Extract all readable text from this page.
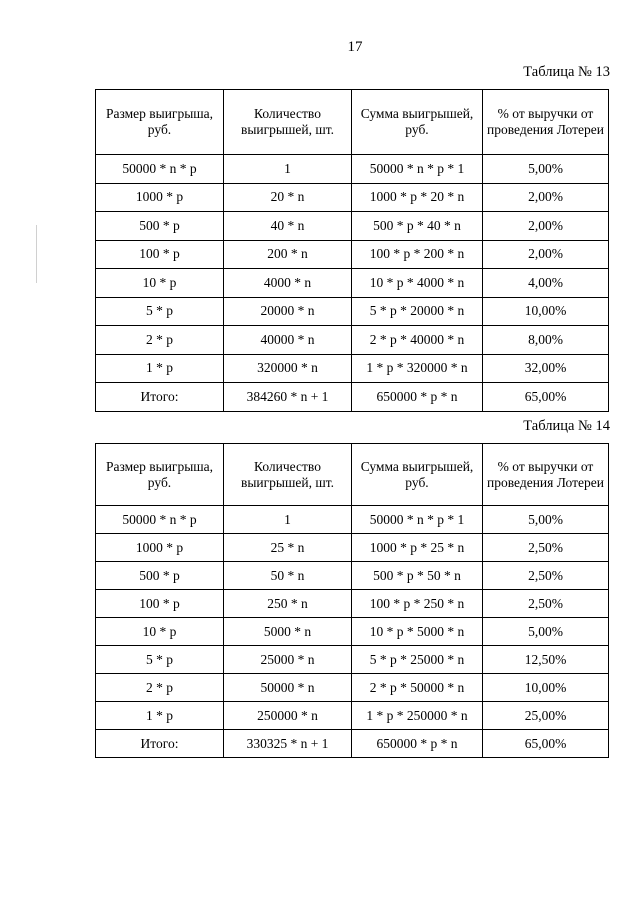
17
Таблица № 13
Размер выигрыша, руб.	Количество выигрышей, шт.	Сумма выигрышей, руб.	% от выручки от проведения Лотереи
50000 * n * p	1	50000 * n * p * 1	5,00%
1000 * p	20 * n	1000 * p * 20 * n	2,00%
500 * p	40 * n	500 * p * 40 * n	2,00%
100 * p	200 * n	100 * p * 200 * n	2,00%
10 * p	4000 * n	10 * p * 4000 * n	4,00%
5 * p	20000 * n	5 * p * 20000 * n	10,00%
2 * p	40000 * n	2 * p * 40000 * n	8,00%
1 * p	320000 * n	1 * p * 320000 * n	32,00%
Итого:	384260 * n + 1	650000 * p * n	65,00%
Таблица № 14
Размер выигрыша, руб.	Количество выигрышей, шт.	Сумма выигрышей, руб.	% от выручки от проведения Лотереи
50000 * n * p	1	50000 * n * p * 1	5,00%
1000 * p	25 * n	1000 * p * 25 * n	2,50%
500 * p	50 * n	500 * p * 50 * n	2,50%
100 * p	250 * n	100 * p * 250 * n	2,50%
10 * p	5000 * n	10 * p * 5000 * n	5,00%
5 * p	25000 * n	5 * p * 25000 * n	12,50%
2 * p	50000 * n	2 * p * 50000 * n	10,00%
1 * p	250000 * n	1 * p * 250000 * n	25,00%
Итого:	330325 * n + 1	650000 * p * n	65,00%
